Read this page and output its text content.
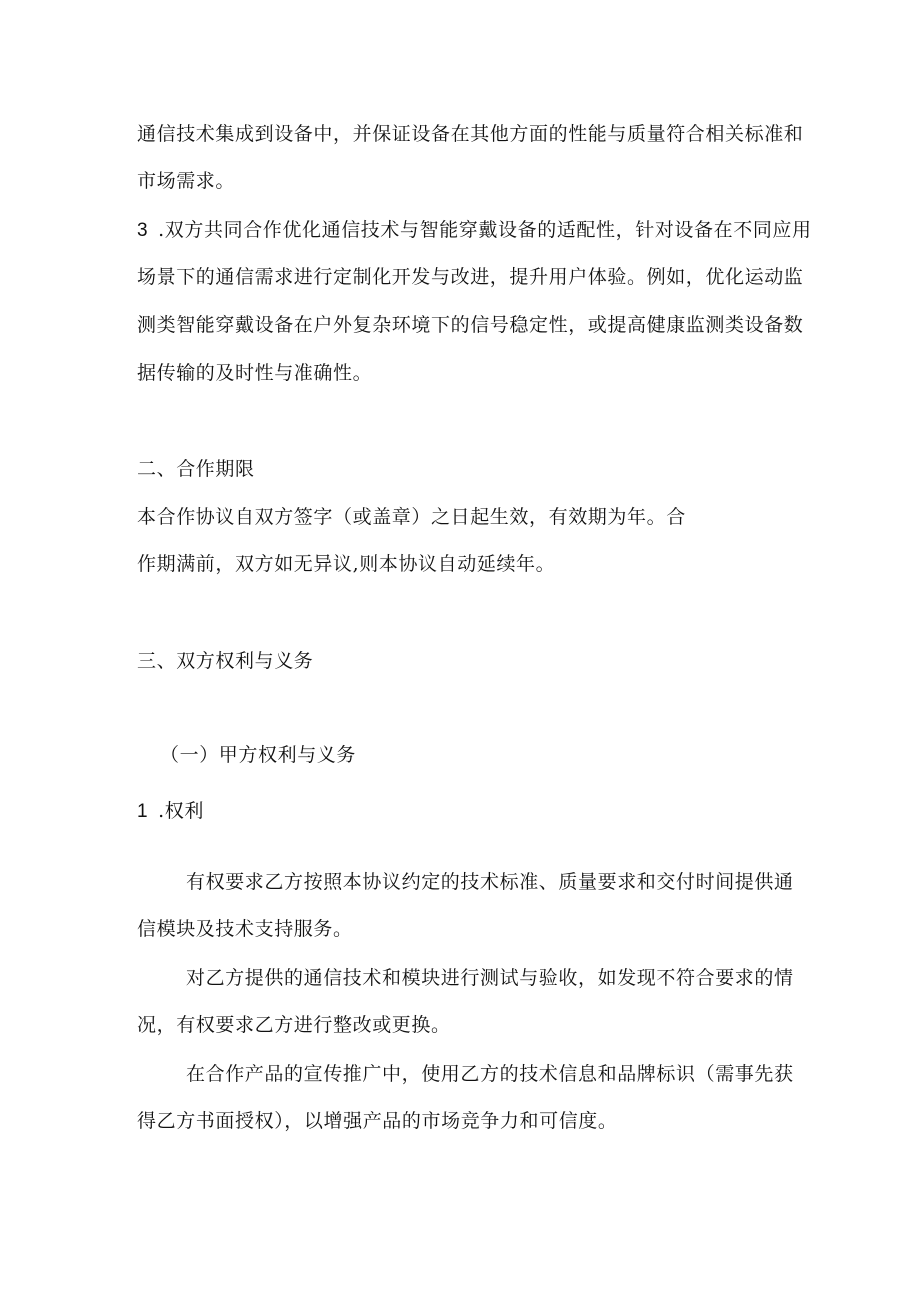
通信技术集成到设备中，并保证设备在其他方面的性能与质量符合相关标准和
市场需求。
3 .双方共同合作优化通信技术与智能穿戴设备的适配性，针对设备在不同应用
场景下的通信需求进行定制化开发与改进，提升用户体验。例如，优化运动监
测类智能穿戴设备在户外复杂环境下的信号稳定性，或提高健康监测类设备数
据传输的及时性与准确性。
二、合作期限
本合作协议自双方签字（或盖章）之日起生效，有效期为年。合
作期满前，双方如无异议,则本协议自动延续年。
三、双方权利与义务
（一）甲方权利与义务
1 .权利
有权要求乙方按照本协议约定的技术标准、质量要求和交付时间提供通
信模块及技术支持服务。
对乙方提供的通信技术和模块进行测试与验收，如发现不符合要求的情
况，有权要求乙方进行整改或更换。
在合作产品的宣传推广中，使用乙方的技术信息和品牌标识（需事先获
得乙方书面授权），以增强产品的市场竞争力和可信度。
